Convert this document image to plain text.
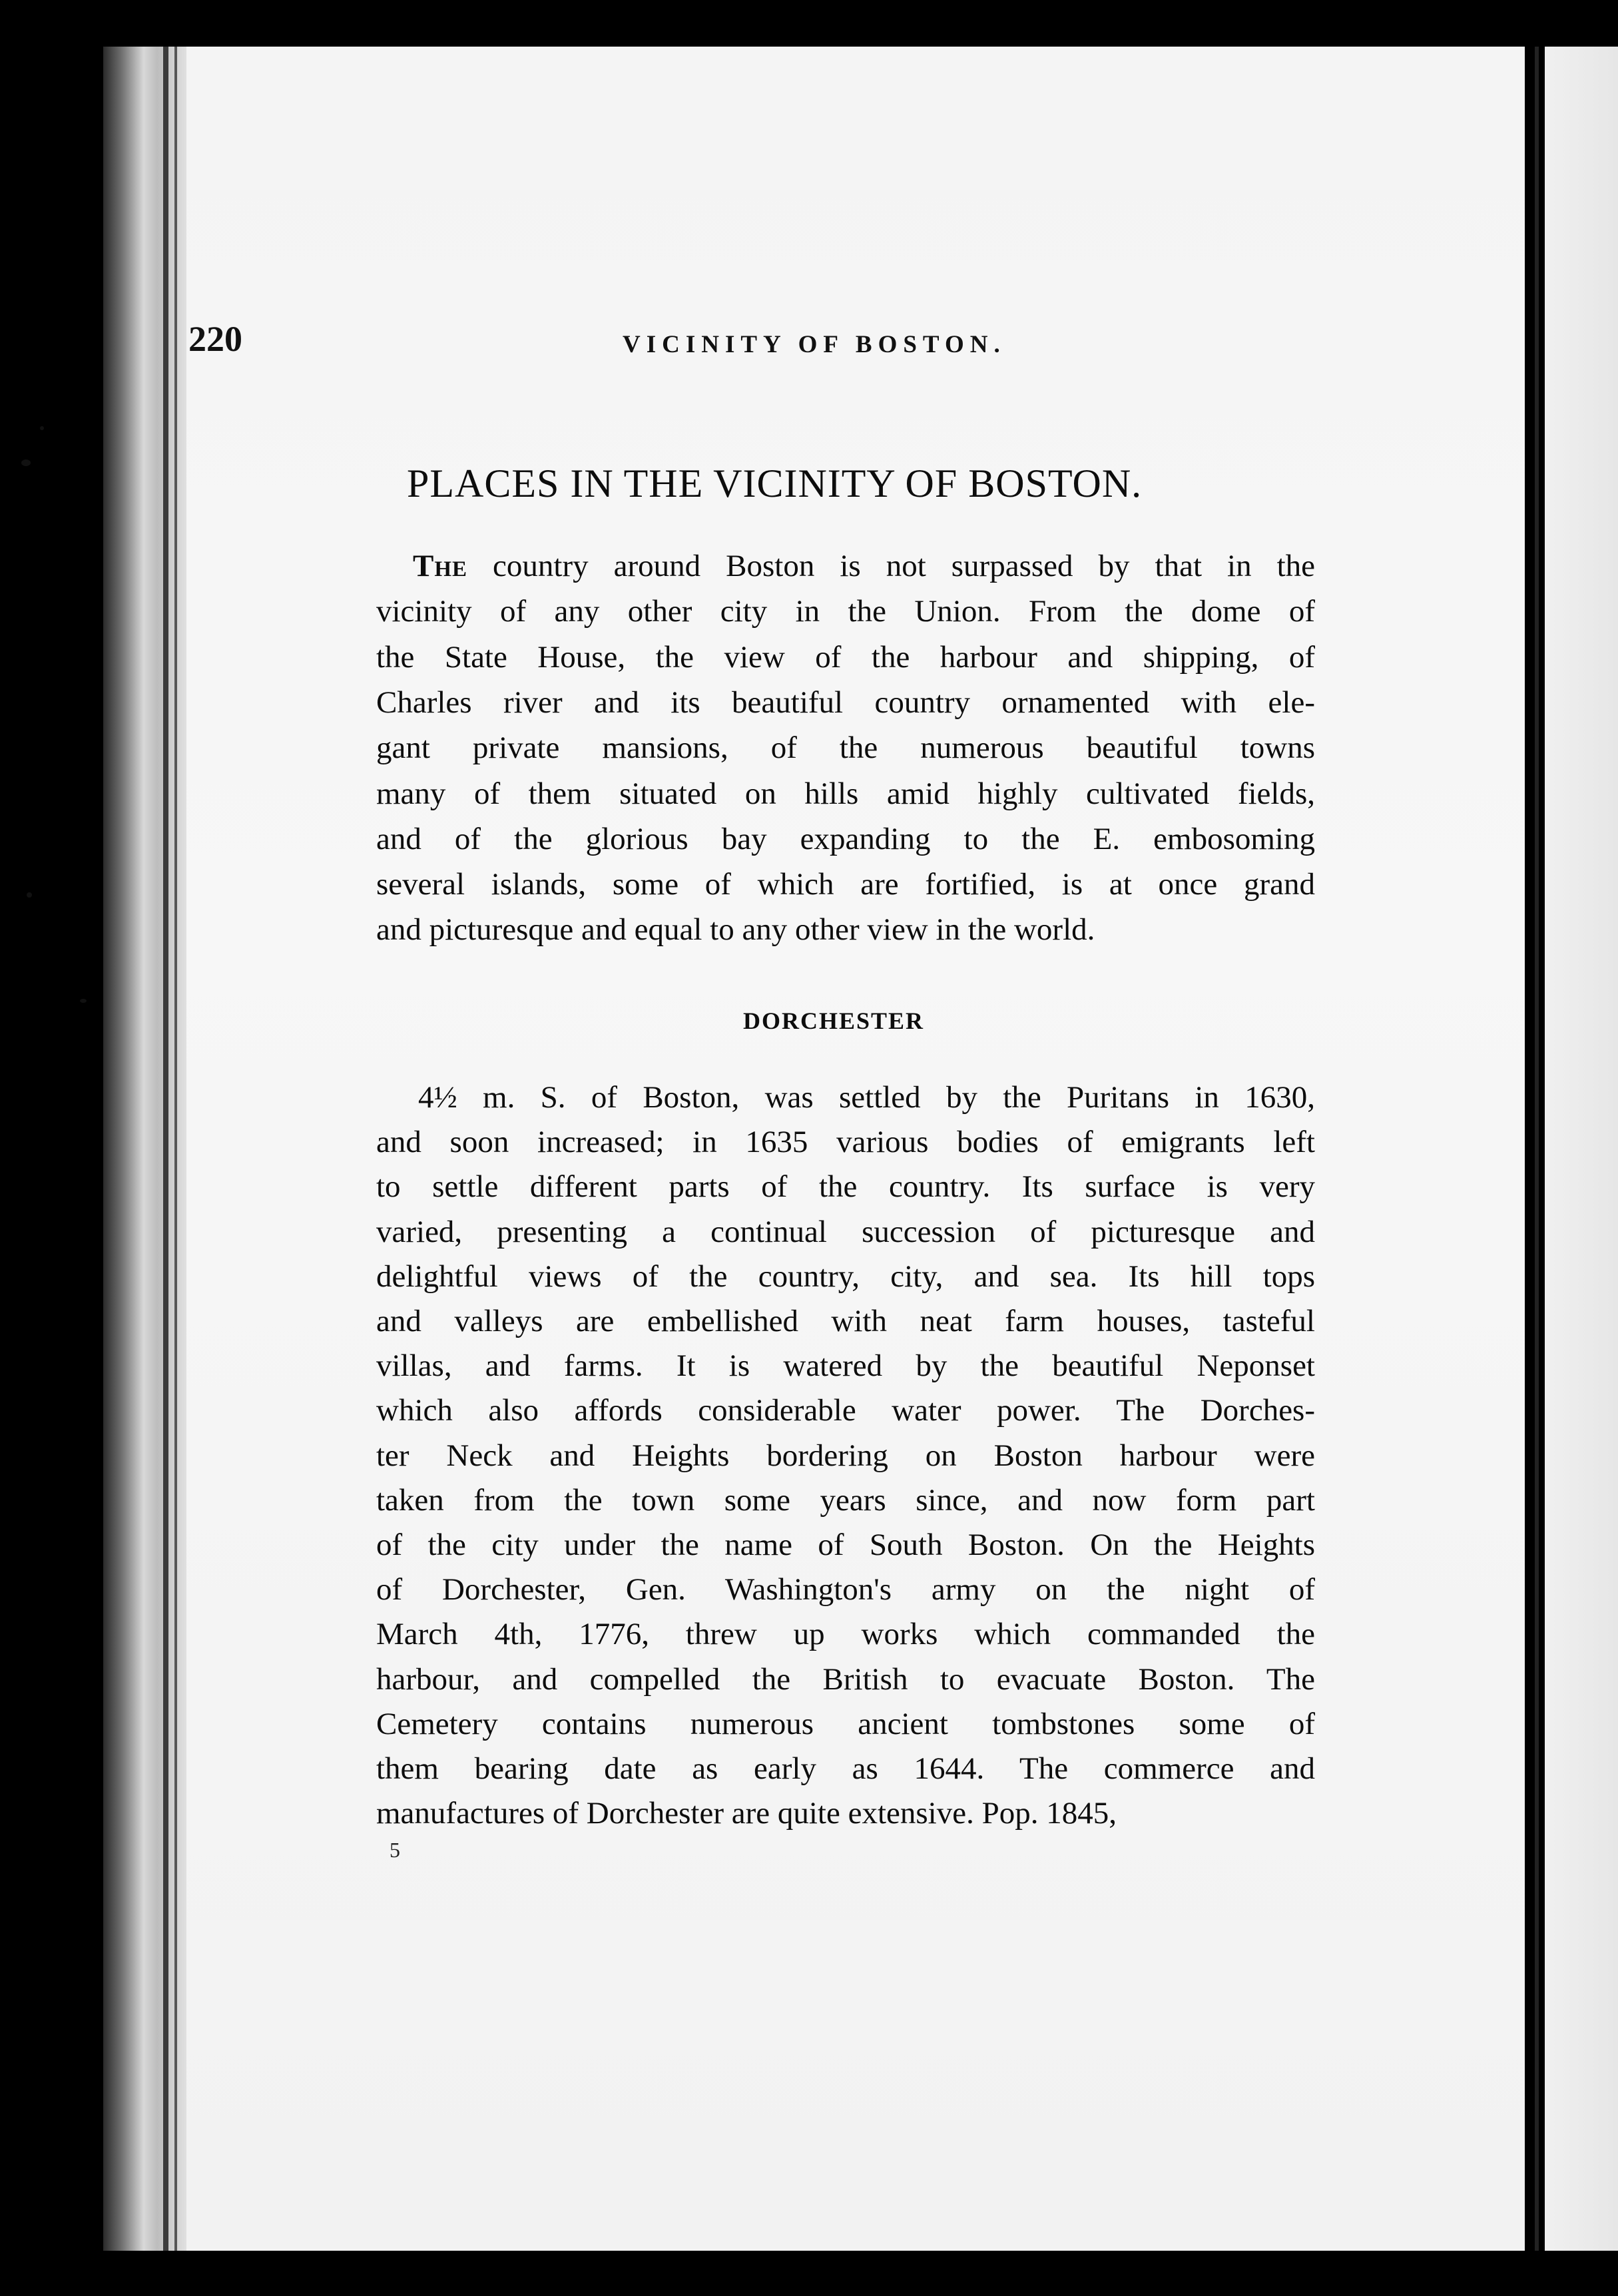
220	VICINITY OF BOSTON.
PLACES IN THE VICINITY OF BOSTON.
The country around Boston is not surpassed by that in the
vicinity of any other city in the Union. From the dome of
the State House, the view of the harbour and shipping, of
Charles river and its beautiful country ornamented with ele-
gant private mansions, of the numerous beautiful towns
many of them situated on hills amid highly cultivated fields,
and of the glorious bay expanding to the E. embosoming
several islands, some of which are fortified, is at once grand
and picturesque and equal to any other view in the world.
DORCHESTER
4½ m. S. of Boston, was settled by the Puritans in 1630,
and soon increased; in 1635 various bodies of emigrants left
to settle different parts of the country. Its surface is very
varied, presenting a continual succession of picturesque and
delightful views of the country, city, and sea. Its hill tops
and valleys are embellished with neat farm houses, tasteful
villas, and farms. It is watered by the beautiful Neponset
which also affords considerable water power. The Dorches-
ter Neck and Heights bordering on Boston harbour were
taken from the town some years since, and now form part
of the city under the name of South Boston. On the Heights
of Dorchester, Gen. Washington's army on the night of
March 4th, 1776, threw up works which commanded the
harbour, and compelled the British to evacuate Boston. The
Cemetery contains numerous ancient tombstones some of
them bearing date as early as 1644. The commerce and
manufactures of Dorchester are quite extensive. Pop. 1845,
5
